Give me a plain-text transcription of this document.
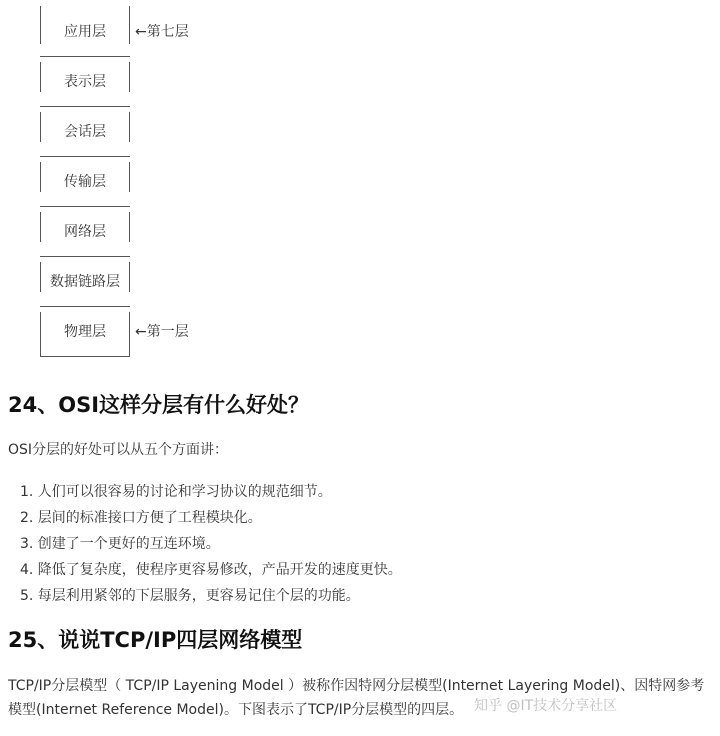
应用层
表示层
会话层
传输层
网络层
数据链路层
物理层
←第七层
←第一层
24、OSI这样分层有什么好处？

OSI分层的好处可以从五个方面讲：

1. 人们可以很容易的讨论和学习协议的规范细节。
2. 层间的标准接口方便了工程模块化。
3. 创建了一个更好的互连环境。
4. 降低了复杂度，使程序更容易修改，产品开发的速度更快。
5. 每层利用紧邻的下层服务，更容易记住个层的功能。
25、说说TCP/IP四层网络模型

TCP/IP分层模型（ TCP/IP Layening Model ）被称作因特网分层模型(Internet Layering Model)、因特网参考模型(Internet Reference Model)。下图表示了TCP/IP分层模型的四层。 知乎 @IT技术分享社区
